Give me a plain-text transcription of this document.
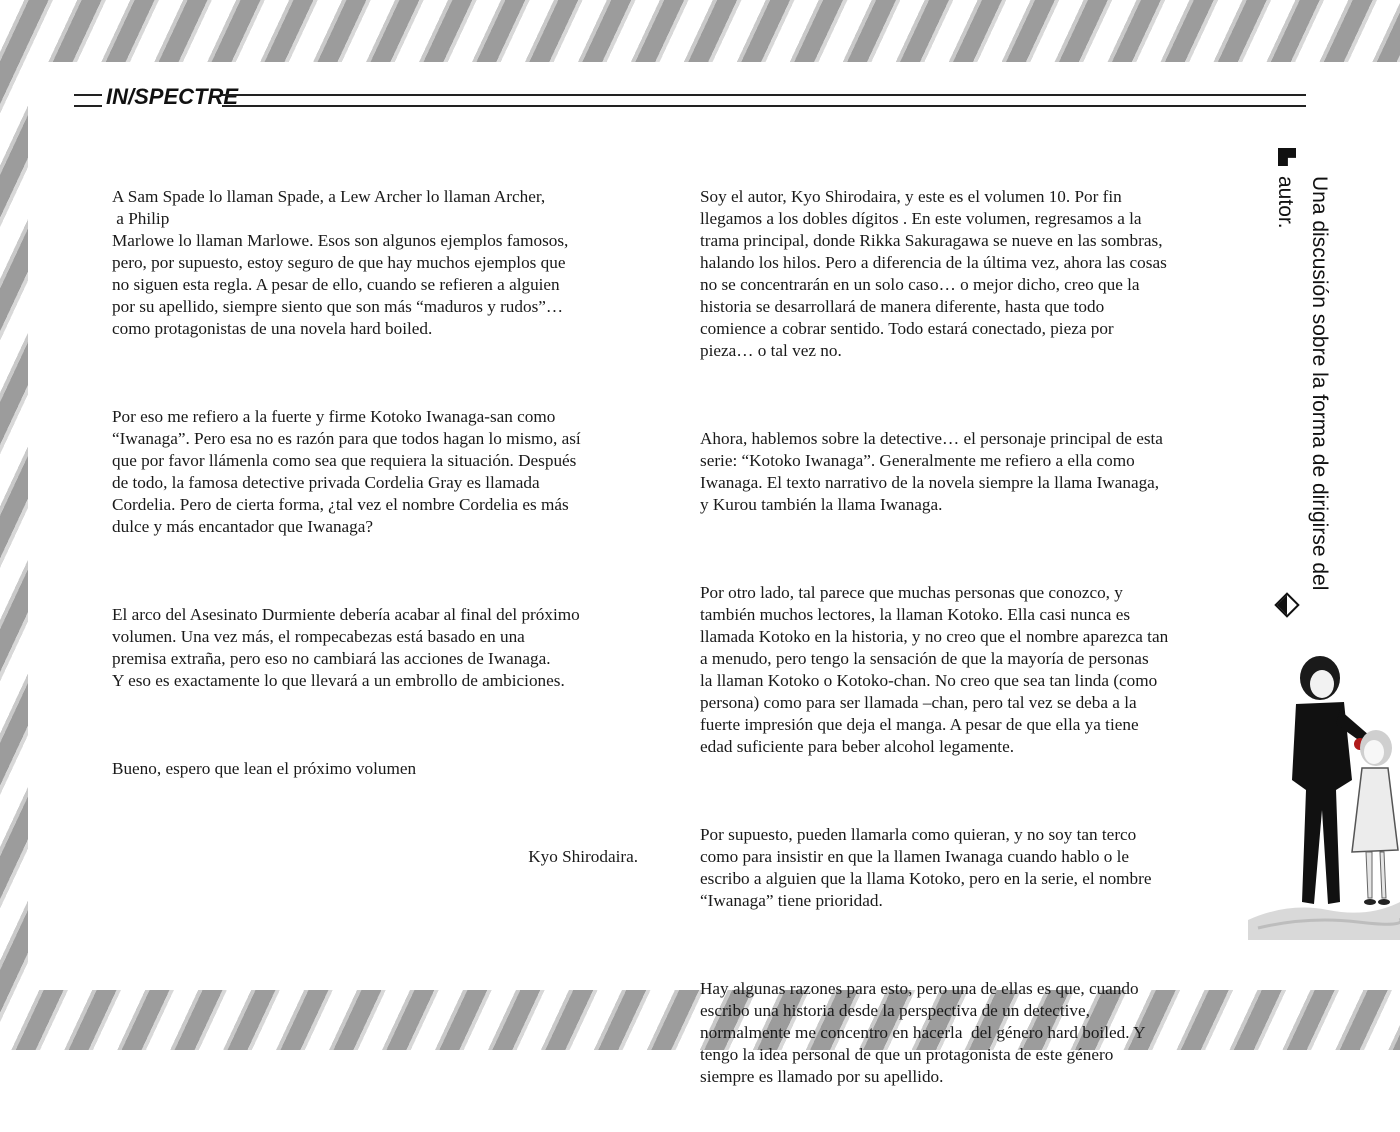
IN/SPECTRE

A Sam Spade lo llaman Spade, a Lew Archer lo llaman Archer,
a Philip
Marlowe lo llaman Marlowe. Esos son algunos ejemplos famosos,
pero, por supuesto, estoy seguro de que hay muchos ejemplos que
no siguen esta regla. A pesar de ello, cuando se refieren a alguien
por su apellido, siempre siento que son más “maduros y rudos”…
como protagonistas de una novela hard boiled.

Por eso me refiero a la fuerte y firme Kotoko Iwanaga-san como
“Iwanaga”. Pero esa no es razón para que todos hagan lo mismo, así
que por favor llámenla como sea que requiera la situación. Después
de todo, la famosa detective privada Cordelia Gray es llamada
Cordelia. Pero de cierta forma, ¿tal vez el nombre Cordelia es más
dulce y más encantador que Iwanaga?

El arco del Asesinato Durmiente debería acabar al final del próximo
volumen. Una vez más, el rompecabezas está basado en una
premisa extraña, pero eso no cambiará las acciones de Iwanaga.
Y eso es exactamente lo que llevará a un embrollo de ambiciones.

Bueno, espero que lean el próximo volumen

Kyo Shirodaira.

Soy el autor, Kyo Shirodaira, y este es el volumen 10. Por fin
llegamos a los dobles dígitos . En este volumen, regresamos a la
trama principal, donde Rikka Sakuragawa se nueve en las sombras,
halando los hilos. Pero a diferencia de la última vez, ahora las cosas
no se concentrarán en un solo caso… o mejor dicho, creo que la
historia se desarrollará de manera diferente, hasta que todo
comience a cobrar sentido. Todo estará conectado, pieza por
pieza… o tal vez no.

Ahora, hablemos sobre la detective… el personaje principal de esta
serie: “Kotoko Iwanaga”. Generalmente me refiero a ella como
Iwanaga. El texto narrativo de la novela siempre la llama Iwanaga,
y Kurou también la llama Iwanaga.

Por otro lado, tal parece que muchas personas que conozco, y
también muchos lectores, la llaman Kotoko. Ella casi nunca es
llamada Kotoko en la historia, y no creo que el nombre aparezca tan
a menudo, pero tengo la sensación de que la mayoría de personas
la llaman Kotoko o Kotoko-chan. No creo que sea tan linda (como
persona) como para ser llamada –chan, pero tal vez se deba a la
fuerte impresión que deja el manga. A pesar de que ella ya tiene
edad suficiente para beber alcohol legamente.

Por supuesto, pueden llamarla como quieran, y no soy tan terco
como para insistir en que la llamen Iwanaga cuando hablo o le
escribo a alguien que la llama Kotoko, pero en la serie, el nombre
“Iwanaga” tiene prioridad.

Hay algunas razones para esto, pero una de ellas es que, cuando
escribo una historia desde la perspectiva de un detective,
normalmente me concentro en hacerla  del género hard boiled. Y
tengo la idea personal de que un protagonista de este género
siempre es llamado por su apellido.

Una discusión sobre la forma de dirigirse del autor.
